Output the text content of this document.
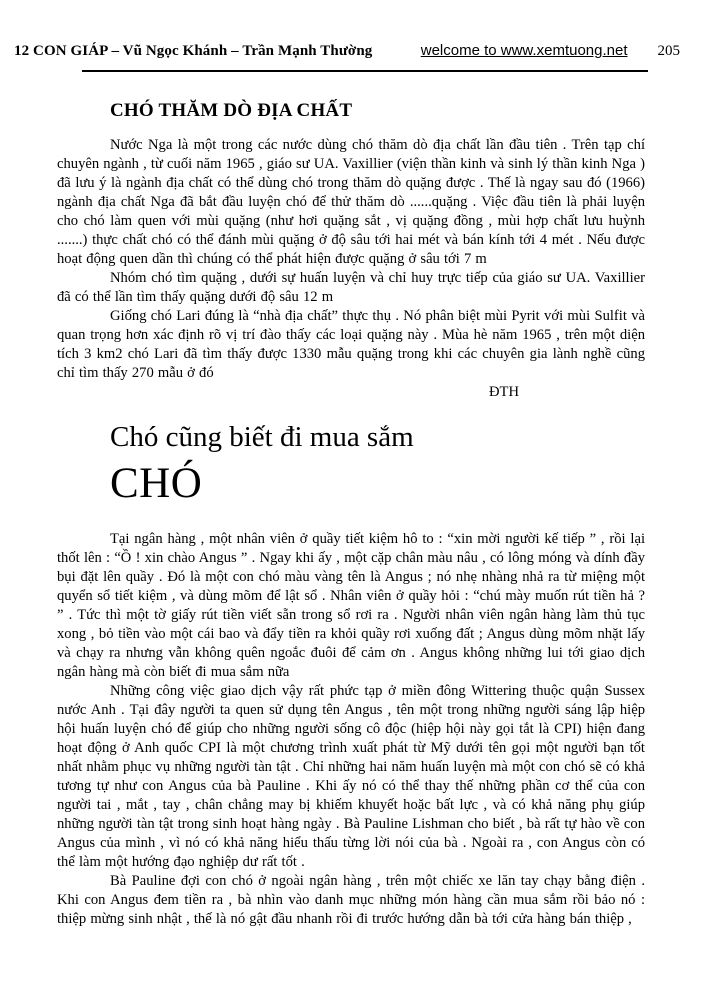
12 CON GIÁP – Vũ Ngọc Khánh – Trần Mạnh Thường	welcome to www.xemtuong.net 205
CHÓ THĂM DÒ ĐỊA CHẤT

Nước Nga là một trong các nước dùng chó thăm dò địa chất lần đầu tiên . Trên tạp chí chuyên ngành , từ cuối năm 1965 , giáo sư UA. Vaxillier (viện thần kinh và sinh lý thần kinh Nga ) đã lưu ý là ngành địa chất có thể dùng chó trong thăm dò quặng được . Thế là ngay sau đó (1966) ngành địa chất Nga đã bắt đầu luyện chó để thử thăm dò ......quặng . Việc đầu tiên là phải luyện cho chó làm quen với mùi quặng (như hơi quặng sắt , vị quặng đồng , mùi hợp chất lưu huỳnh .......) thực chất chó có thể đánh mùi quặng ở độ sâu tới hai mét và bán kính tới 4 mét . Nếu được hoạt động quen dần thì chúng có thể phát hiện được quặng ở sâu tới 7 m

Nhóm chó tìm quặng , dưới sự huấn luyện và chỉ huy trực tiếp của giáo sư UA. Vaxillier đã có thể lần tìm thấy quặng dưới độ sâu 12 m

Giống chó Lari đúng là “nhà địa chất” thực thụ . Nó phân biệt mùi Pyrit với mùi Sulfit và quan trọng hơn xác định rõ vị trí đào thấy các loại quặng này . Mùa hè năm 1965 , trên một diện tích 3 km2 chó Lari đã tìm thấy được 1330 mẫu quặng trong khi các chuyên gia lành nghề cũng chỉ tìm thấy 270 mẫu ở đó

ĐTH
Chó cũng biết đi mua sắm
CHÓ

Tại ngân hàng , một nhân viên ở quầy tiết kiệm hô to : “xin mời người kế tiếp ” , rồi lại thốt lên : “Ồ ! xin chào Angus ” . Ngay khi ấy , một cặp chân màu nâu , có lông móng và dính đầy bụi đặt lên quầy . Đó là một con chó màu vàng tên là Angus ; nó nhẹ nhàng nhả ra từ miệng một quyển sổ tiết kiệm , và dùng mõm để lật sổ . Nhân viên ở quầy hỏi : “chú mày muốn rút tiền hả ? ” . Tức thì một tờ giấy rút tiền viết sẵn trong sổ rơi ra . Người nhân viên ngân hàng làm thủ tục xong , bỏ tiền vào một cái bao và đẩy tiền ra khỏi quầy rơi xuống đất ; Angus dùng mõm nhặt lấy và chạy ra nhưng vẫn không quên ngoắc đuôi để cảm ơn . Angus không những lui tới giao dịch ngân hàng mà còn biết đi mua sắm nữa

Những công việc giao dịch vậy rất phức tạp ở miền đông Wittering thuộc quận Sussex nước Anh . Tại đây người ta quen sử dụng tên Angus , tên một trong những người sáng lập hiệp hội huấn luyện chó để giúp cho những người sống cô độc (hiệp hội này gọi tắt là CPI) hiện đang hoạt động ở Anh quốc CPI là một chương trình xuất phát từ Mỹ dưới tên gọi một người bạn tốt nhất nhằm phục vụ những người tàn tật . Chỉ những hai năm huấn luyện mà một con chó sẽ có khả tương tự như con Angus của bà Pauline . Khi ấy nó có thể thay thế những phần cơ thể của con người tai , mắt , tay , chân chẳng may bị khiếm khuyết hoặc bất lực , và có khả năng phụ giúp những người tàn tật trong sinh hoạt hàng ngày . Bà Pauline Lishman cho biết , bà rất tự hào về con Angus của mình , vì nó có khả năng hiểu thấu từng lời nói của bà . Ngoài ra , con Angus còn có thể làm một hướng đạo nghiệp dư rất tốt .

Bà Pauline đợi con chó ở ngoài ngân hàng , trên một chiếc xe lăn tay chạy bằng điện . Khi con Angus đem tiền ra , bà nhìn vào danh mục những món hàng cần mua sắm rồi bảo nó : thiệp mừng sinh nhật , thế là nó gật đầu nhanh rồi đi trước hướng dẫn bà tới cửa hàng bán thiệp ,
